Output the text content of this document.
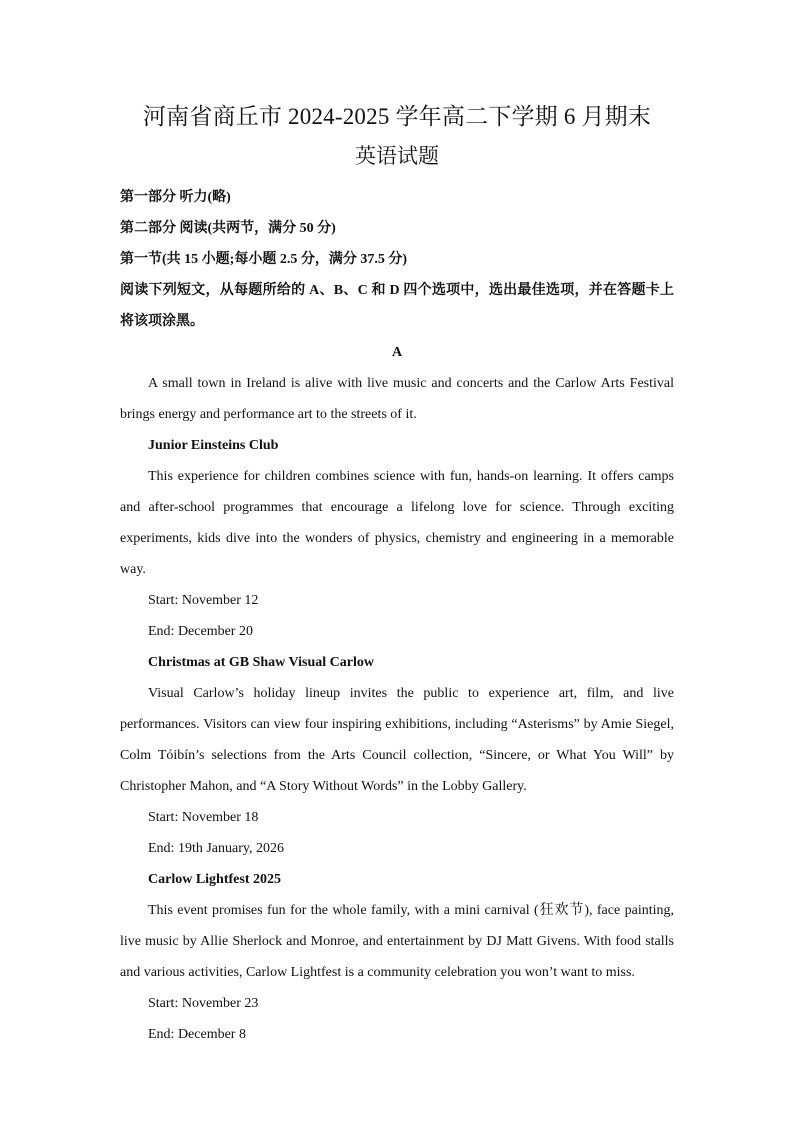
河南省商丘市 2024-2025 学年高二下学期 6 月期末
英语试题

第一部分 听力(略)

第二部分 阅读(共两节，满分 50 分)

第一节(共 15 小题;每小题 2.5 分，满分 37.5 分)

阅读下列短文，从每题所给的 A、B、C 和 D 四个选项中，选出最佳选项，并在答题卡上将该项涂黑。

A

A small town in Ireland is alive with live music and concerts and the Carlow Arts Festival brings energy and performance art to the streets of it.

Junior Einsteins Club

This experience for children combines science with fun, hands-on learning. It offers camps and after-school programmes that encourage a lifelong love for science. Through exciting experiments, kids dive into the wonders of physics, chemistry and engineering in a memorable way.

Start: November 12

End: December 20

Christmas at GB Shaw Visual Carlow

Visual Carlow’s holiday lineup invites the public to experience art, film, and live performances. Visitors can view four inspiring exhibitions, including “Asterisms” by Amie Siegel, Colm Tóibín’s selections from the Arts Council collection, “Sincere, or What You Will” by Christopher Mahon, and “A Story Without Words” in the Lobby Gallery.

Start: November 18

End: 19th January, 2026

Carlow Lightfest 2025

This event promises fun for the whole family, with a mini carnival (狂欢节), face painting, live music by Allie Sherlock and Monroe, and entertainment by DJ Matt Givens. With food stalls and various activities, Carlow Lightfest is a community celebration you won’t want to miss.

Start: November 23

End: December 8
